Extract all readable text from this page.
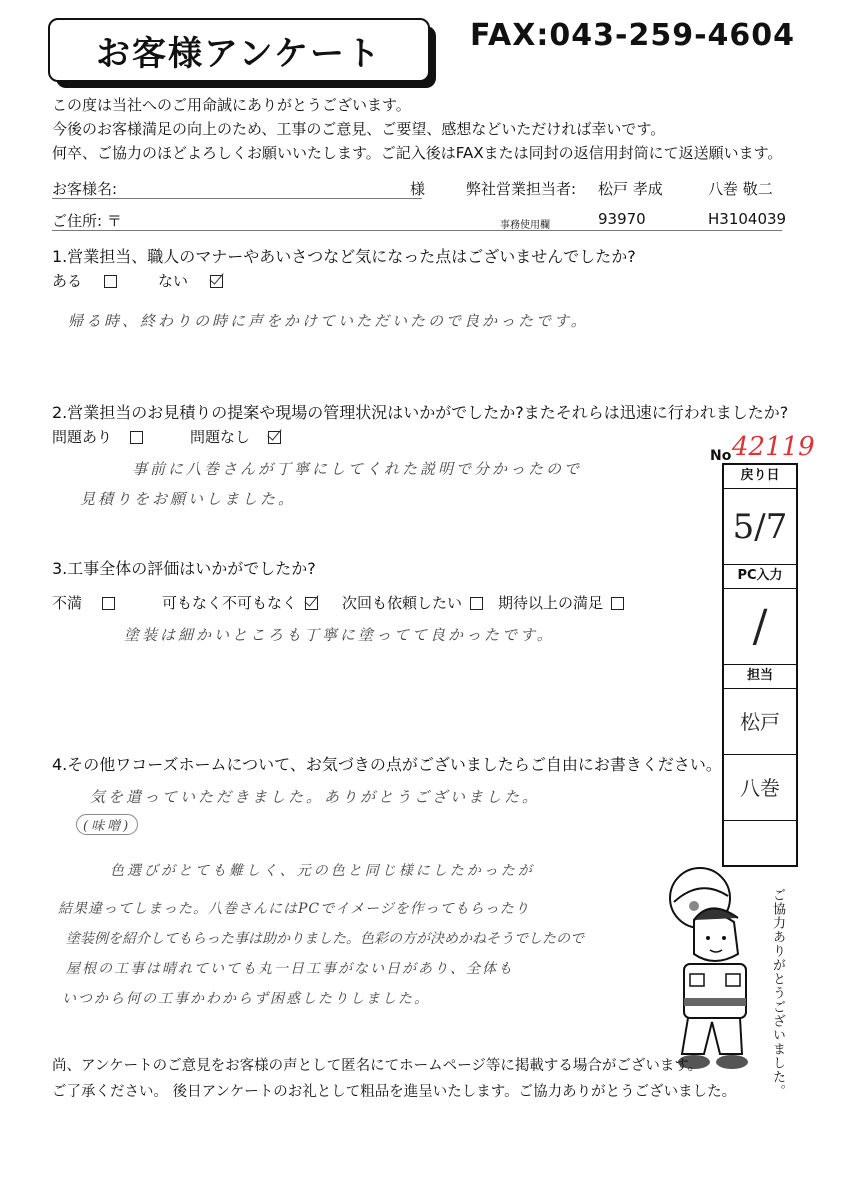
お客様アンケート	FAX:043-259-4604
この度は当社へのご用命誠にありがとうございます。
今後のお客様満足の向上のため、工事のご意見、ご要望、感想などいただければ幸いです。
何卒、ご協力のほどよろしくお願いいたします。ご記入後はFAXまたは同封の返信用封筒にて返送願います。
お客様名:	様	弊社営業担当者: 松戸 孝成	八巻 敬二
ご住所: 〒	事務使用欄	93970	H3104039
1.営業担当、職人のマナーやあいさつなど気になった点はございませんでしたか?
ある	ない
帰る時、終わりの時に声をかけていただいたので良かったです。
2.営業担当のお見積りの提案や現場の管理状況はいかがでしたか?またそれらは迅速に行われましたか?
問題あり	問題なし
事前に八巻さんが丁寧にしてくれた説明で分かったので
見積りをお願いしました。
No 42119
戻り日
5/7
PC入力
/
担当
松戸
八巻
3.工事全体の評価はいかがでしたか?
不満	可もなく不可もなく	次回も依頼したい	期待以上の満足
塗装は細かいところも丁寧に塗ってて良かったです。
4.その他ワコーズホームについて、お気づきの点がございましたらご自由にお書きください。
気を遣っていただきました。ありがとうございました。
(味噌)
色選びがとても難しく、元の色と同じ様にしたかったが
結果違ってしまった。八巻さんにはPCでイメージを作ってもらったり
塗装例を紹介してもらった事は助かりました。色彩の方が決めかねそうでしたので
屋根の工事は晴れていても丸一日工事がない日があり、全体も
いつから何の工事かわからず困惑したりしました。	ご協力ありがとうございました。
尚、アンケートのご意見をお客様の声として匿名にてホームページ等に掲載する場合がございます。
ご了承ください。 後日アンケートのお礼として粗品を進呈いたします。ご協力ありがとうございました。
